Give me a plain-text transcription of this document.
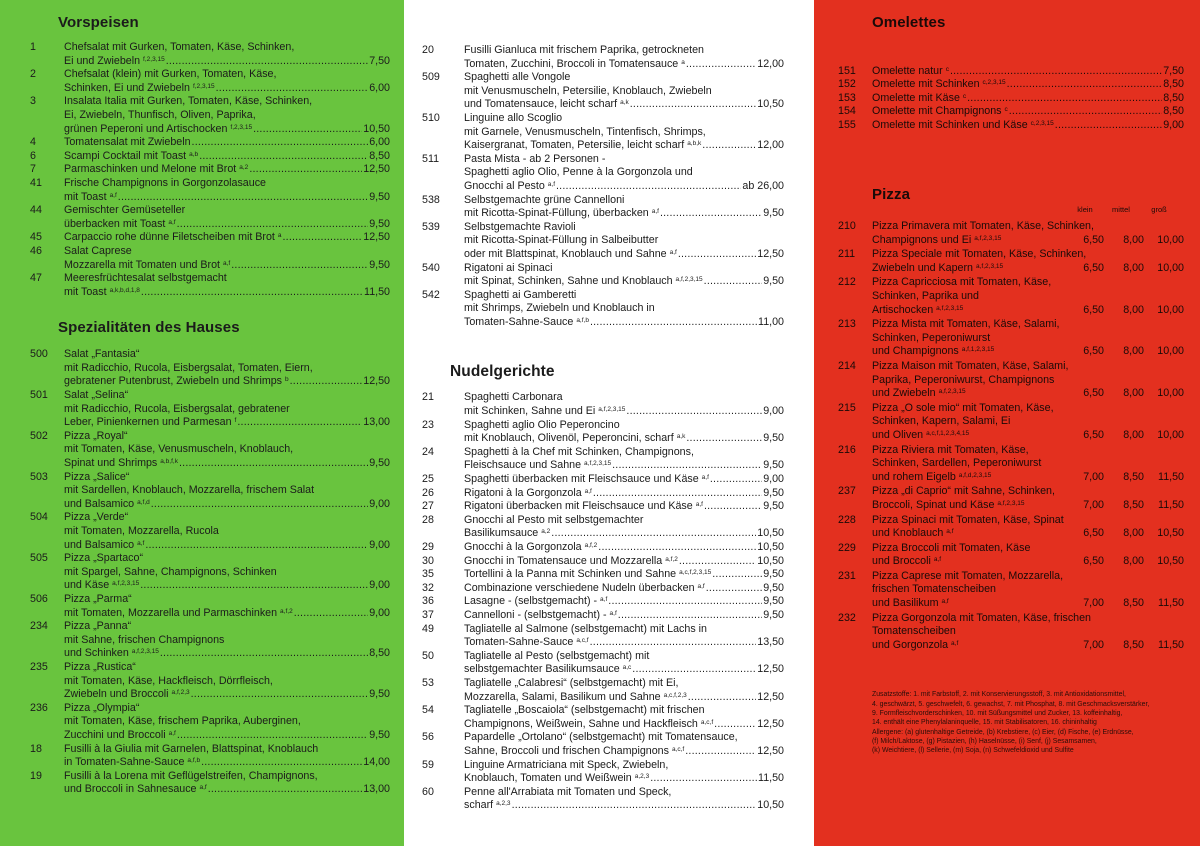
Vorspeisen
1	Chefsalat mit Gurken, Tomaten, Käse, Schinken,
Ei und Zwiebeln $^{f,2,3,15}$ .....	7,50
2	Chefsalat (klein) mit Gurken, Tomaten, Käse,
Schinken, Ei und Zwiebeln $^{f,2,3,15}$ .....	6,00
3	Insalata Italia mit Gurken, Tomaten, Käse, Schinken,
Ei, Zwiebeln, Thunfisch, Oliven, Paprika,
grünen Peperoni und Artischocken $^{f,2,3,15}$ .....	10,50
4	Tomatensalat mit Zwiebeln .....	6,00
6	Scampi Cocktail mit Toast $^{a,b}$ .....	8,50
7	Parmaschinken und Melone mit Brot $^{a,2}$ .....	12,50
41	Frische Champignons in Gorgonzolasauce
mit Toast $^{a,f}$ .....	9,50
44	Gemischter Gemüseteller
überbacken mit Toast $^{a,f}$ .....	9,50
45	Carpaccio rohe dünne Filetscheiben mit Brot $^a$ .....	12,50
46	Salat Caprese
Mozzarella mit Tomaten und Brot $^{a,f}$ .....	9,50
47	Meeresfrüchtesalat selbstgemacht
mit Toast $^{a,k,b,d,1,8}$ .....	11,50
Spezialitäten des Hauses
500	Salat „Fantasia“
mit Radicchio, Rucola, Eisbergsalat, Tomaten, Eiern,
gebratener Putenbrust, Zwiebeln und Shrimps $^b$ .....	12,50
501	Salat „Selina“
mit Radicchio, Rucola, Eisbergsalat, gebratener
Leber, Pinienkernen und Parmesan $^f$ .....	13,00
502	Pizza „Royal“
mit Tomaten, Käse, Venusmuscheln, Knoblauch,
Spinat und Shrimps $^{a,b,f,k}$ .....	9,50
503	Pizza „Salice“
mit Sardellen, Knoblauch, Mozzarella, frischem Salat
und Balsamico $^{a,f,d}$ .....	9,00
504	Pizza „Verde“
mit Tomaten, Mozzarella, Rucola
und Balsamico $^{a,f}$ .....	9,00
505	Pizza „Spartaco“
mit Spargel, Sahne, Champignons, Schinken
und Käse $^{a,f,2,3,15}$ .....	9,00
506	Pizza „Parma“
mit Tomaten, Mozzarella und Parmaschinken $^{a,f,2}$ .....	9,00
234	Pizza „Panna“
mit Sahne, frischen Champignons
und Schinken $^{a,f,2,3,15}$ .....	8,50
235	Pizza „Rustica“
mit Tomaten, Käse, Hackfleisch, Dörrfleisch,
Zwiebeln und Broccoli $^{a,f,2,3}$ .....	9,50
236	Pizza „Olympia“
mit Tomaten, Käse, frischem Paprika, Auberginen,
Zucchini und Broccoli $^{a,f}$ .....	9,50
18	Fusilli à la Giulia mit Garnelen, Blattspinat, Knoblauch
in Tomaten-Sahne-Sauce $^{a,f,b}$ .....	14,00
19	Fusilli à la Lorena mit Geflügelstreifen, Champignons,
und Broccoli in Sahnesauce $^{a,f}$ .....	13,00
20	Fusilli Gianluca mit frischem Paprika, getrockneten
Tomaten, Zucchini, Broccoli in Tomatensauce $^a$ .....	12,00
509	Spaghetti alle Vongole
mit Venusmuscheln, Petersilie, Knoblauch, Zwiebeln
und Tomatensauce, leicht scharf $^{a,k}$ .....	10,50
510	Linguine allo Scoglio
mit Garnele, Venusmuscheln, Tintenfisch, Shrimps,
Kaisergranat, Tomaten, Petersilie, leicht scharf $^{a,b,k}$ .....	12,00
511	Pasta Mista - ab 2 Personen -
Spaghetti aglio Olio, Penne à la Gorgonzola und
Gnocchi al Pesto $^{a,f}$ .....	ab 26,00
538	Selbstgemachte grüne Cannelloni
mit Ricotta-Spinat-Füllung, überbacken $^{a,f}$ .....	9,50
539	Selbstgemachte Ravioli
mit Ricotta-Spinat-Füllung in Salbeibutter
oder mit Blattspinat, Knoblauch und Sahne $^{a,f}$ .....	12,50
540	Rigatoni ai Spinaci
mit Spinat, Schinken, Sahne und Knoblauch $^{a,f,2,3,15}$ .....	9,50
542	Spaghetti ai Gamberetti
mit Shrimps, Zwiebeln und Knoblauch in
Tomaten-Sahne-Sauce $^{a,f,b}$ .....	11,00
Nudelgerichte
21	Spaghetti Carbonara
mit Schinken, Sahne und Ei $^{a,f,2,3,15}$ .....	9,00
23	Spaghetti aglio Olio Peperoncino
mit Knoblauch, Olivenöl, Peperoncini, scharf $^{a,k}$ .....	9,50
24	Spaghetti à la Chef mit Schinken, Champignons,
Fleischsauce und Sahne $^{a,f,2,3,15}$ .....	9,50
25	Spaghetti überbacken mit Fleischsauce und Käse $^{a,f}$ .....	9,00
26	Rigatoni à la Gorgonzola $^{a,f}$ .....	9,50
27	Rigatoni überbacken mit Fleischsauce und Käse $^{a,f}$ .....	9,50
28	Gnocchi al Pesto mit selbstgemachter
Basilikumsauce $^{a,2}$ .....	10,50
29	Gnocchi à la Gorgonzola $^{a,f,2}$ .....	10,50
30	Gnocchi in Tomatensauce und Mozzarella $^{a,f,2}$ .....	10,50
35	Tortellini à la Panna mit Schinken und Sahne $^{a,c,f,2,3,15}$ .....	9,50
32	Combinazione verschiedene Nudeln überbacken $^{a,f}$ .....	9,50
36	Lasagne - (selbstgemacht) - $^{a,f}$ .....	9,50
37	Cannelloni - (selbstgemacht) - $^{a,f}$ .....	9,50
49	Tagliatelle al Salmone (selbstgemacht) mit Lachs in
Tomaten-Sahne-Sauce $^{a,c,f}$ .....	13,50
50	Tagliatelle al Pesto (selbstgemacht) mit
selbstgemachter Basilikumsauce $^{a,c}$ .....	12,50
53	Tagliatelle „Calabresi“ (selbstgemacht) mit Ei,
Mozzarella, Salami, Basilikum und Sahne $^{a,c,f,2,3}$ .....	12,50
54	Tagliatelle „Boscaiola“ (selbstgemacht) mit frischen
Champignons, Weißwein, Sahne und Hackfleisch $^{a,c,f}$ .....	12,50
56	Papardelle „Ortolano“ (selbstgemacht) mit Tomatensauce,
Sahne, Broccoli und frischen Champignons $^{a,c,f}$ .....	12,50
59	Linguine Armatriciana mit Speck, Zwiebeln,
Knoblauch, Tomaten und Weißwein $^{a,2,3}$ .....	11,50
60	Penne all'Arrabiata mit Tomaten und Speck,
scharf $^{a,2,3}$ .....	10,50
Omelettes
151	Omelette natur $^c$ .....	7,50
152	Omelette mit Schinken $^{c,2,3,15}$ .....	8,50
153	Omelette mit Käse $^c$ .....	8,50
154	Omelette mit Champignons $^c$ .....	8,50
155	Omelette mit Schinken und Käse $^{c,2,3,15}$ .....	9,00
Pizza
klein	mittel	groß
210	Pizza Primavera mit Tomaten, Käse, Schinken,
Champignons und Ei $^{a,f,2,3,15}$	6,50	8,00	10,00
211	Pizza Speciale mit Tomaten, Käse, Schinken,
Zwiebeln und Kapern $^{a,f,2,3,15}$	6,50	8,00	10,00
212	Pizza Capricciosa mit Tomaten, Käse,
Schinken, Paprika und
Artischocken $^{a,f,2,3,15}$	6,50	8,00	10,00
213	Pizza Mista mit Tomaten, Käse, Salami,
Schinken, Peperoniwurst
und Champignons $^{a,f,1,2,3,15}$	6,50	8,00	10,00
214	Pizza Maison mit Tomaten, Käse, Salami,
Paprika, Peperoniwurst, Champignons
und Zwiebeln $^{a,f,2,3,15}$	6,50	8,00	10,00
215	Pizza „O sole mio“ mit Tomaten, Käse,
Schinken, Kapern, Salami, Ei
und Oliven $^{a,c,f,1,2,3,4,15}$	6,50	8,00	10,00
216	Pizza Riviera mit Tomaten, Käse,
Schinken, Sardellen, Peperoniwurst
und rohem Eigelb $^{a,f,d,2,3,15}$	7,00	8,50	11,50
237	Pizza „di Caprio“ mit Sahne, Schinken,
Broccoli, Spinat und Käse $^{a,f,2,3,15}$	7,00	8,50	11,50
228	Pizza Spinaci mit Tomaten, Käse, Spinat
und Knoblauch $^{a,f}$	6,50	8,00	10,50
229	Pizza Broccoli mit Tomaten, Käse
und Broccoli $^{a,f}$	6,50	8,00	10,50
231	Pizza Caprese mit Tomaten, Mozzarella,
frischen Tomatenscheiben
und Basilikum $^{a,f}$	7,00	8,50	11,50
232	Pizza Gorgonzola mit Tomaten, Käse, frischen
Tomatenscheiben
und Gorgonzola $^{a,f}$	7,00	8,50	11,50
Zusatzstoffe: 1. mit Farbstoff, 2. mit Konservierungsstoff, 3. mit Antioxidationsmittel,
4. geschwärzt, 5. geschwefelt, 6. gewachst, 7. mit Phosphat, 8. mit Geschmacksverstärker,
9. Formfleischvorderschinken, 10. mit Süßungsmittel und Zucker, 13. koffeinhaltig,
14. enthält eine Phenylalaninquelle, 15. mit Stabilisatoren, 16. chininhaltig
Allergene: (a) glutenhaltige Getreide, (b) Krebstiere, (c) Eier, (d) Fische, (e) Erdnüsse,
(f) Milch/Laktose, (g) Pistazien, (h) Haselnüsse, (i) Senf, (j) Sesamsamen,
(k) Weichtiere, (l) Sellerie, (m) Soja, (n) Schwefeldioxid und Sulfite
